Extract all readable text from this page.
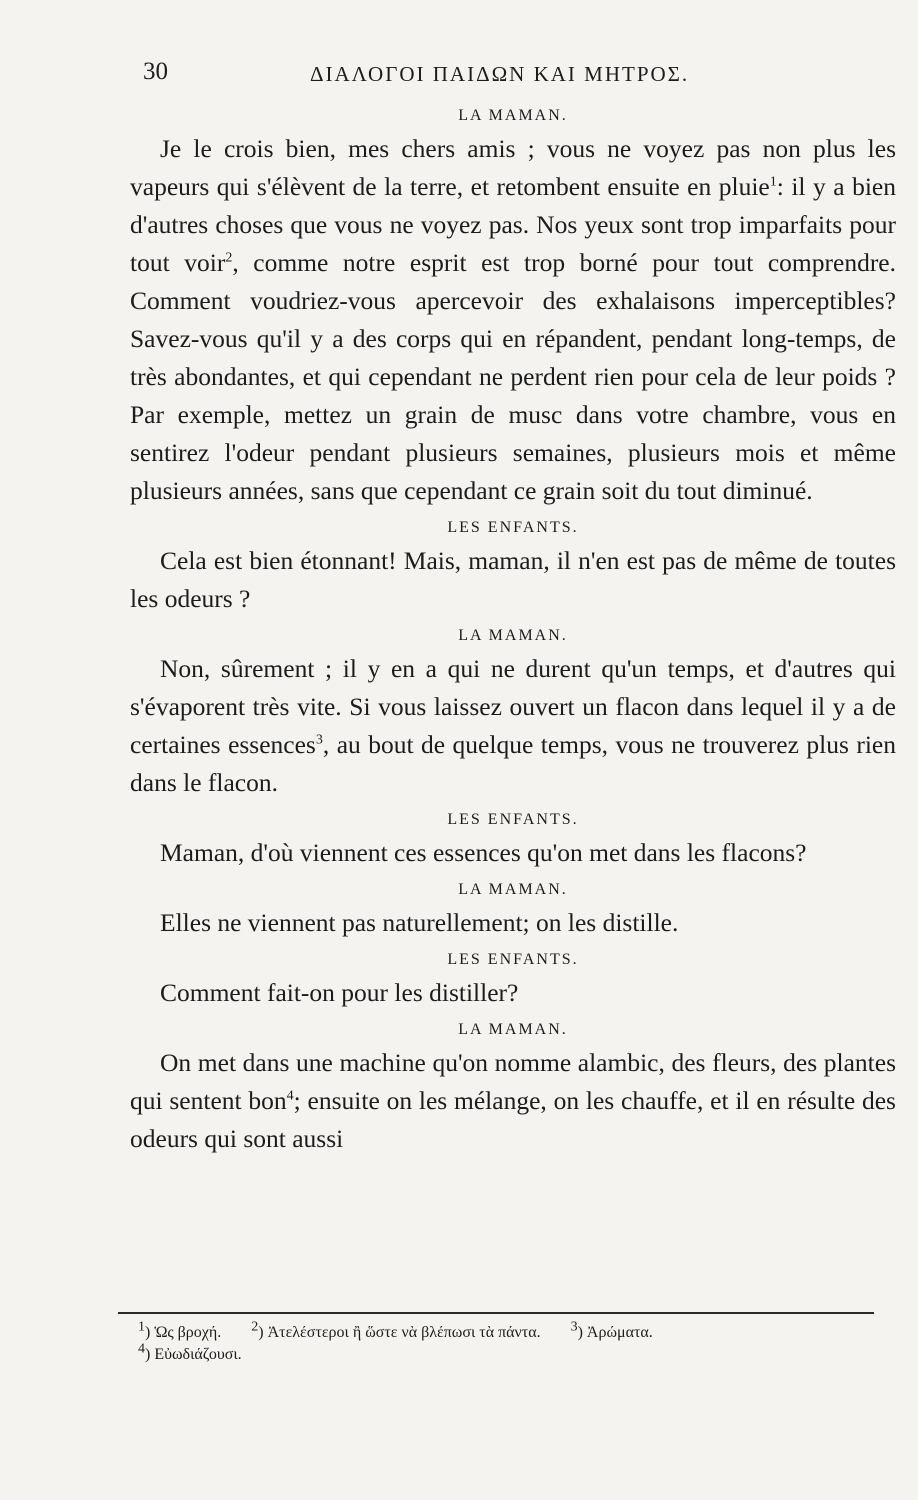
30	ΔΙΑΛΟΓΟΙ ΠΑΙΔΩΝ ΚΑΙ ΜΗΤΡΟΣ.

LA MAMAN.

Je le crois bien, mes chers amis ; vous ne voyez pas non plus les vapeurs qui s'élèvent de la terre, et retombent ensuite en pluie$^1$: il y a bien d'autres choses que vous ne voyez pas. Nos yeux sont trop imparfaits pour tout voir$^2$, comme notre esprit est trop borné pour tout comprendre. Comment voudriez-vous apercevoir des exhalaisons imperceptibles? Savez-vous qu'il y a des corps qui en répandent, pendant long-temps, de très abondantes, et qui cependant ne perdent rien pour cela de leur poids ? Par exemple, mettez un grain de musc dans votre chambre, vous en sentirez l'odeur pendant plusieurs semaines, plusieurs mois et même plusieurs années, sans que cependant ce grain soit du tout diminué.

LES ENFANTS.

Cela est bien étonnant! Mais, maman, il n'en est pas de même de toutes les odeurs ?

LA MAMAN.

Non, sûrement ; il y en a qui ne durent qu'un temps, et d'autres qui s'évaporent très vite. Si vous laissez ouvert un flacon dans lequel il y a de certaines essences$^3$, au bout de quelque temps, vous ne trouverez plus rien dans le flacon.

LES ENFANTS.

Maman, d'où viennent ces essences qu'on met dans les flacons?

LA MAMAN.

Elles ne viennent pas naturellement; on les distille.

LES ENFANTS.

Comment fait-on pour les distiller?

LA MAMAN.

On met dans une machine qu'on nomme alambic, des fleurs, des plantes qui sentent bon$^4$; ensuite on les mélange, on les chauffe, et il en résulte des odeurs qui sont aussi

$^1$) Ὡς βροχή. $^2$) Ἀτελέστεροι ἢ ὥστε νὰ βλέπωσι τὰ πάντα. $^3$) Ἀρώματα.
$^4$) Εὐωδιάζουσι.
